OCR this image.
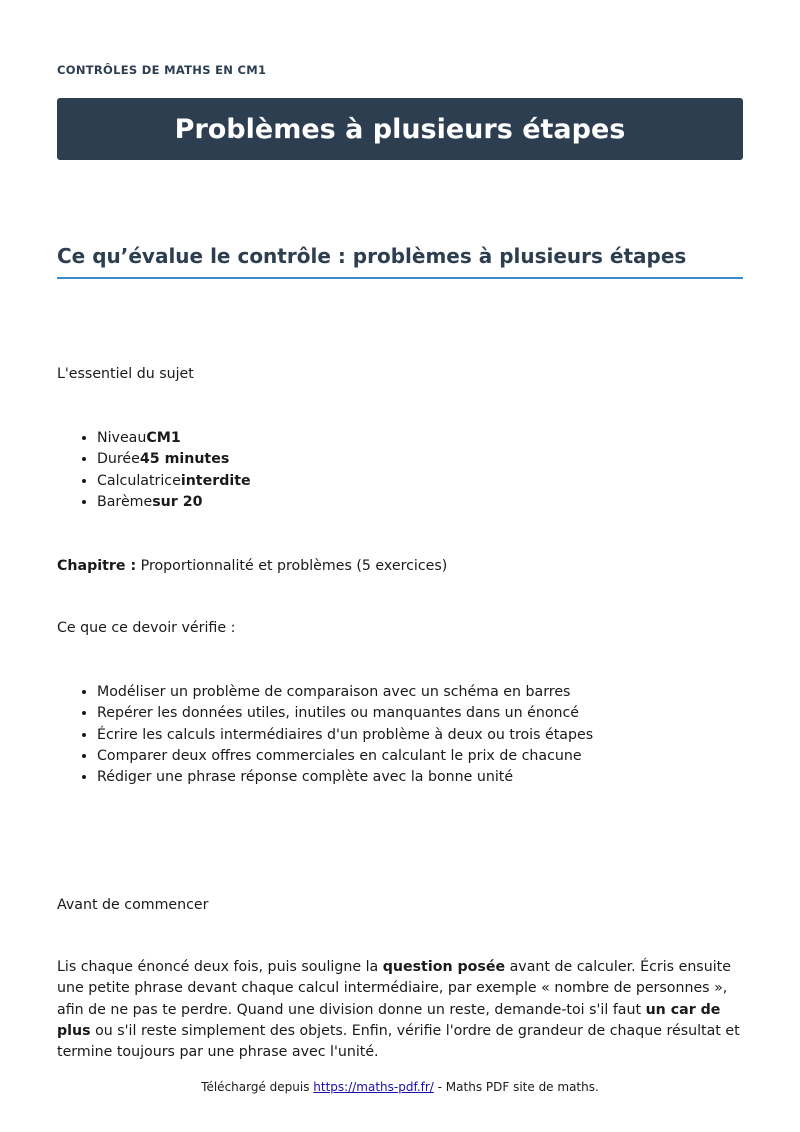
CONTRÔLES DE MATHS EN CM1
Problèmes à plusieurs étapes
Ce qu’évalue le contrôle : problèmes à plusieurs étapes

L'essentiel du sujet

• NiveauCM1
• Durée45 minutes
• Calculatriceinterdite
• Barèmesur 20

Chapitre : Proportionnalité et problèmes (5 exercices)

Ce que ce devoir vérifie :

• Modéliser un problème de comparaison avec un schéma en barres
• Repérer les données utiles, inutiles ou manquantes dans un énoncé
• Écrire les calculs intermédiaires d'un problème à deux ou trois étapes
• Comparer deux offres commerciales en calculant le prix de chacune
• Rédiger une phrase réponse complète avec la bonne unité

Avant de commencer

Lis chaque énoncé deux fois, puis souligne la question posée avant de calculer. Écris ensuite une petite phrase devant chaque calcul intermédiaire, par exemple « nombre de personnes », afin de ne pas te perdre. Quand une division donne un reste, demande-toi s'il faut un car de plus ou s'il reste simplement des objets. Enfin, vérifie l'ordre de grandeur de chaque résultat et termine toujours par une phrase avec l'unité.

Téléchargé depuis https://maths-pdf.fr/ - Maths PDF site de maths.
